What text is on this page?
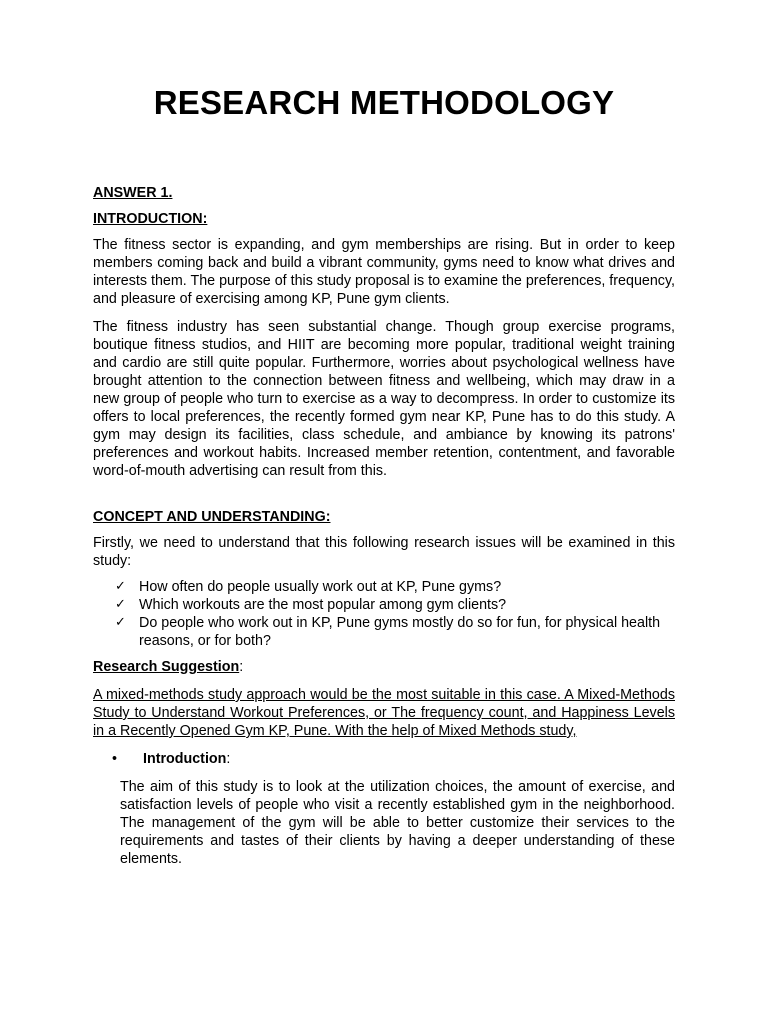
RESEARCH METHODOLOGY
ANSWER 1.
INTRODUCTION:

The fitness sector is expanding, and gym memberships are rising. But in order to keep members coming back and build a vibrant community, gyms need to know what drives and interests them. The purpose of this study proposal is to examine the preferences, frequency, and pleasure of exercising among KP, Pune gym clients.

The fitness industry has seen substantial change. Though group exercise programs, boutique fitness studios, and HIIT are becoming more popular, traditional weight training and cardio are still quite popular. Furthermore, worries about psychological wellness have brought attention to the connection between fitness and wellbeing, which may draw in a new group of people who turn to exercise as a way to decompress. In order to customize its offers to local preferences, the recently formed gym near KP, Pune has to do this study. A gym may design its facilities, class schedule, and ambiance by knowing its patrons' preferences and workout habits. Increased member retention, contentment, and favorable word-of-mouth advertising can result from this.

CONCEPT AND UNDERSTANDING:

Firstly, we need to understand that this following research issues will be examined in this study:

✓ How often do people usually work out at KP, Pune gyms?
✓ Which workouts are the most popular among gym clients?
✓ Do people who work out in KP, Pune gyms mostly do so for fun, for physical health reasons, or for both?
Research Suggestion:

A mixed-methods study approach would be the most suitable in this case. A Mixed-Methods Study to Understand Workout Preferences, or The frequency count, and Happiness Levels in a Recently Opened Gym KP, Pune. With the help of Mixed Methods study,

• Introduction:

The aim of this study is to look at the utilization choices, the amount of exercise, and satisfaction levels of people who visit a recently established gym in the neighborhood. The management of the gym will be able to better customize their services to the requirements and tastes of their clients by having a deeper understanding of these elements.
